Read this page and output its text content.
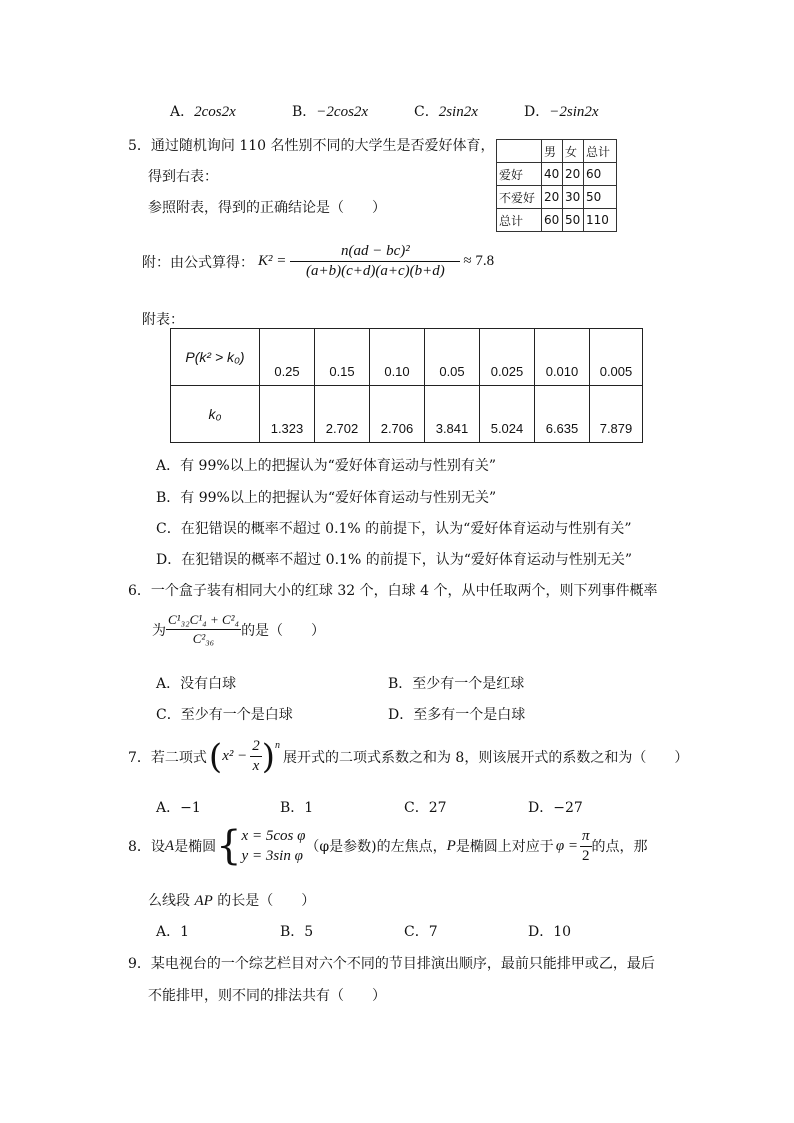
A．2cos2x	B．−2cos2x	C．2sin2x	D．−2sin2x
5．通过随机询问 110 名性别不同的大学生是否爱好体育，
得到右表：
参照附表，得到的正确结论是（　　）
	男	女	总计
爱好	40	20	60
不爱好	20	30	50
总计	60	50	110
附：由公式算得： $K^2 = \frac{\text{n(ad − bc)²}}{(a+b)(c+d)(a+c)(b+d)} \approx 7.8$
附表：
P(k² > k₀)	0.25	0.15	0.10	0.05	0.025	0.010	0.005
k₀	1.323	2.702	2.706	3.841	5.024	6.635	7.879
A．有 99%以上的把握认为“爱好体育运动与性别有关”
B．有 99%以上的把握认为“爱好体育运动与性别无关”
C．在犯错误的概率不超过 0.1% 的前提下，认为“爱好体育运动与性别有关”
D．在犯错误的概率不超过 0.1% 的前提下，认为“爱好体育运动与性别无关”
6．一个盒子装有相同大小的红球 32 个，白球 4 个，从中任取两个，则下列事件概率
为 $\frac{\text{C¹₃₂C¹₄ + C²₄}}{\text{C²₃₆}}$ 的是（　　）
A．没有白球	B．至少有一个是红球
C．至少有一个是白球	D．至多有一个是白球
7．若二项式 ( $x^2 - \frac{2}{x}$ ) n
展开式的二项式系数之和为 8，则该展开式的系数之和为（　　）
A．−1	B．1	C．27	D．−27
8．设 A 是椭圆 { x = 5cos φ
y = 3sin φ
（φ是参数)的左焦点， P 是椭圆上对应于 $\varphi = \frac{\pi}{2}$ 的点，那
么线段 AP 的长是（　　）
A．1	B．5	C．7	D．10
9．某电视台的一个综艺栏目对六个不同的节目排演出顺序，最前只能排甲或乙，最后
不能排甲，则不同的排法共有（　　）
